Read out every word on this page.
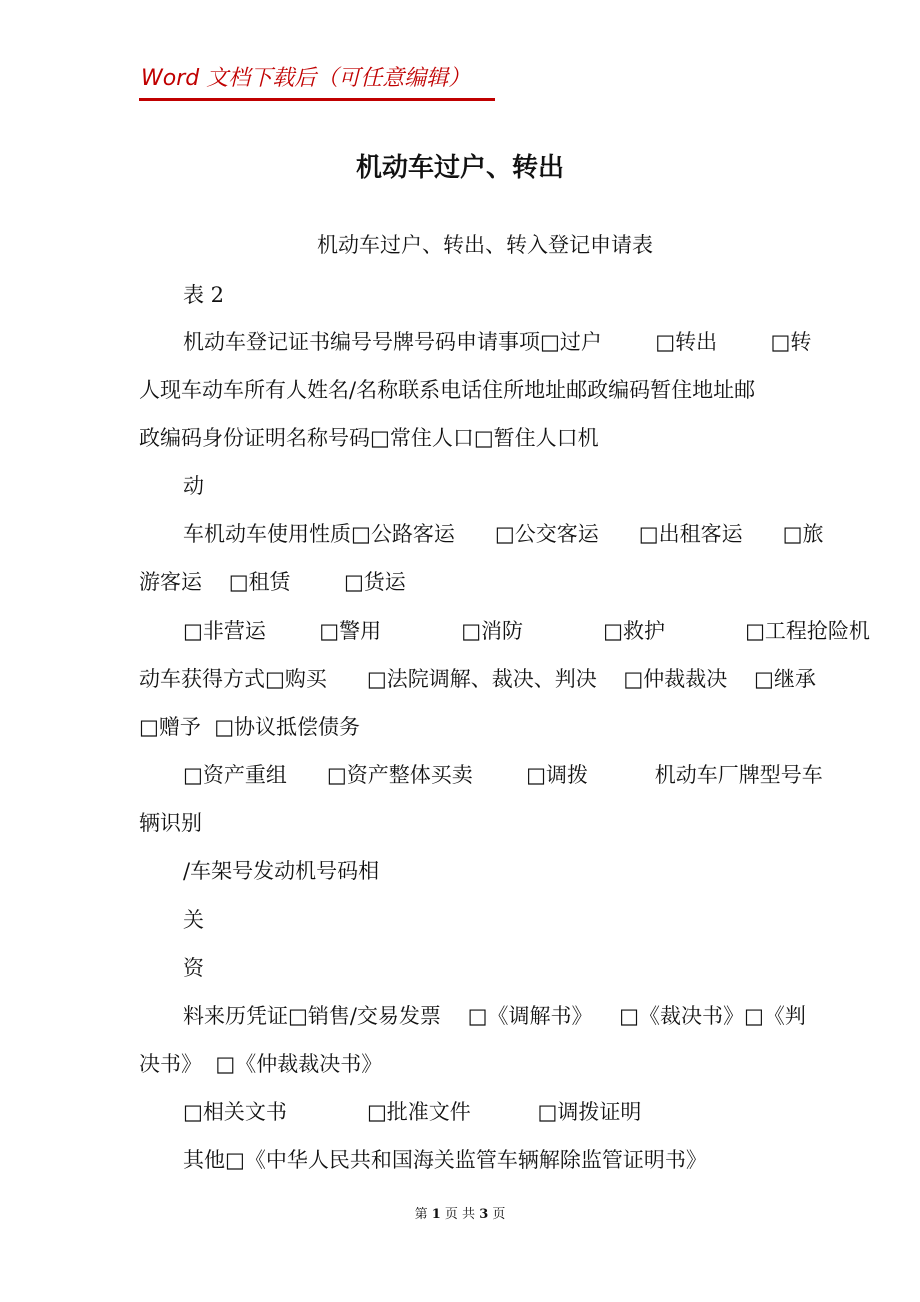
Word 文档下载后（可任意编辑）
机动车过户、转出
机动车过户、转出、转入登记申请表
表 2
机动车登记证书编号号牌号码申请事项□过户        □转出        □转
人现车动车所有人姓名/名称联系电话住所地址邮政编码暂住地址邮
政编码身份证明名称号码□常住人口□暂住人口机
动
车机动车使用性质□公路客运      □公交客运      □出租客运      □旅
游客运    □租赁        □货运
□非营运        □警用            □消防            □救护            □工程抢险机
动车获得方式□购买      □法院调解、裁决、判决    □仲裁裁决    □继承
□赠予  □协议抵偿债务
□资产重组      □资产整体买卖        □调拨          机动车厂牌型号车
辆识别
/车架号发动机号码相
关
资
料来历凭证□销售/交易发票    □《调解书》    □《裁决书》□《判
决书》  □《仲裁裁决书》
□相关文书            □批准文件          □调拨证明
其他□《中华人民共和国海关监管车辆解除监管证明书》
第 1 页 共 3 页
